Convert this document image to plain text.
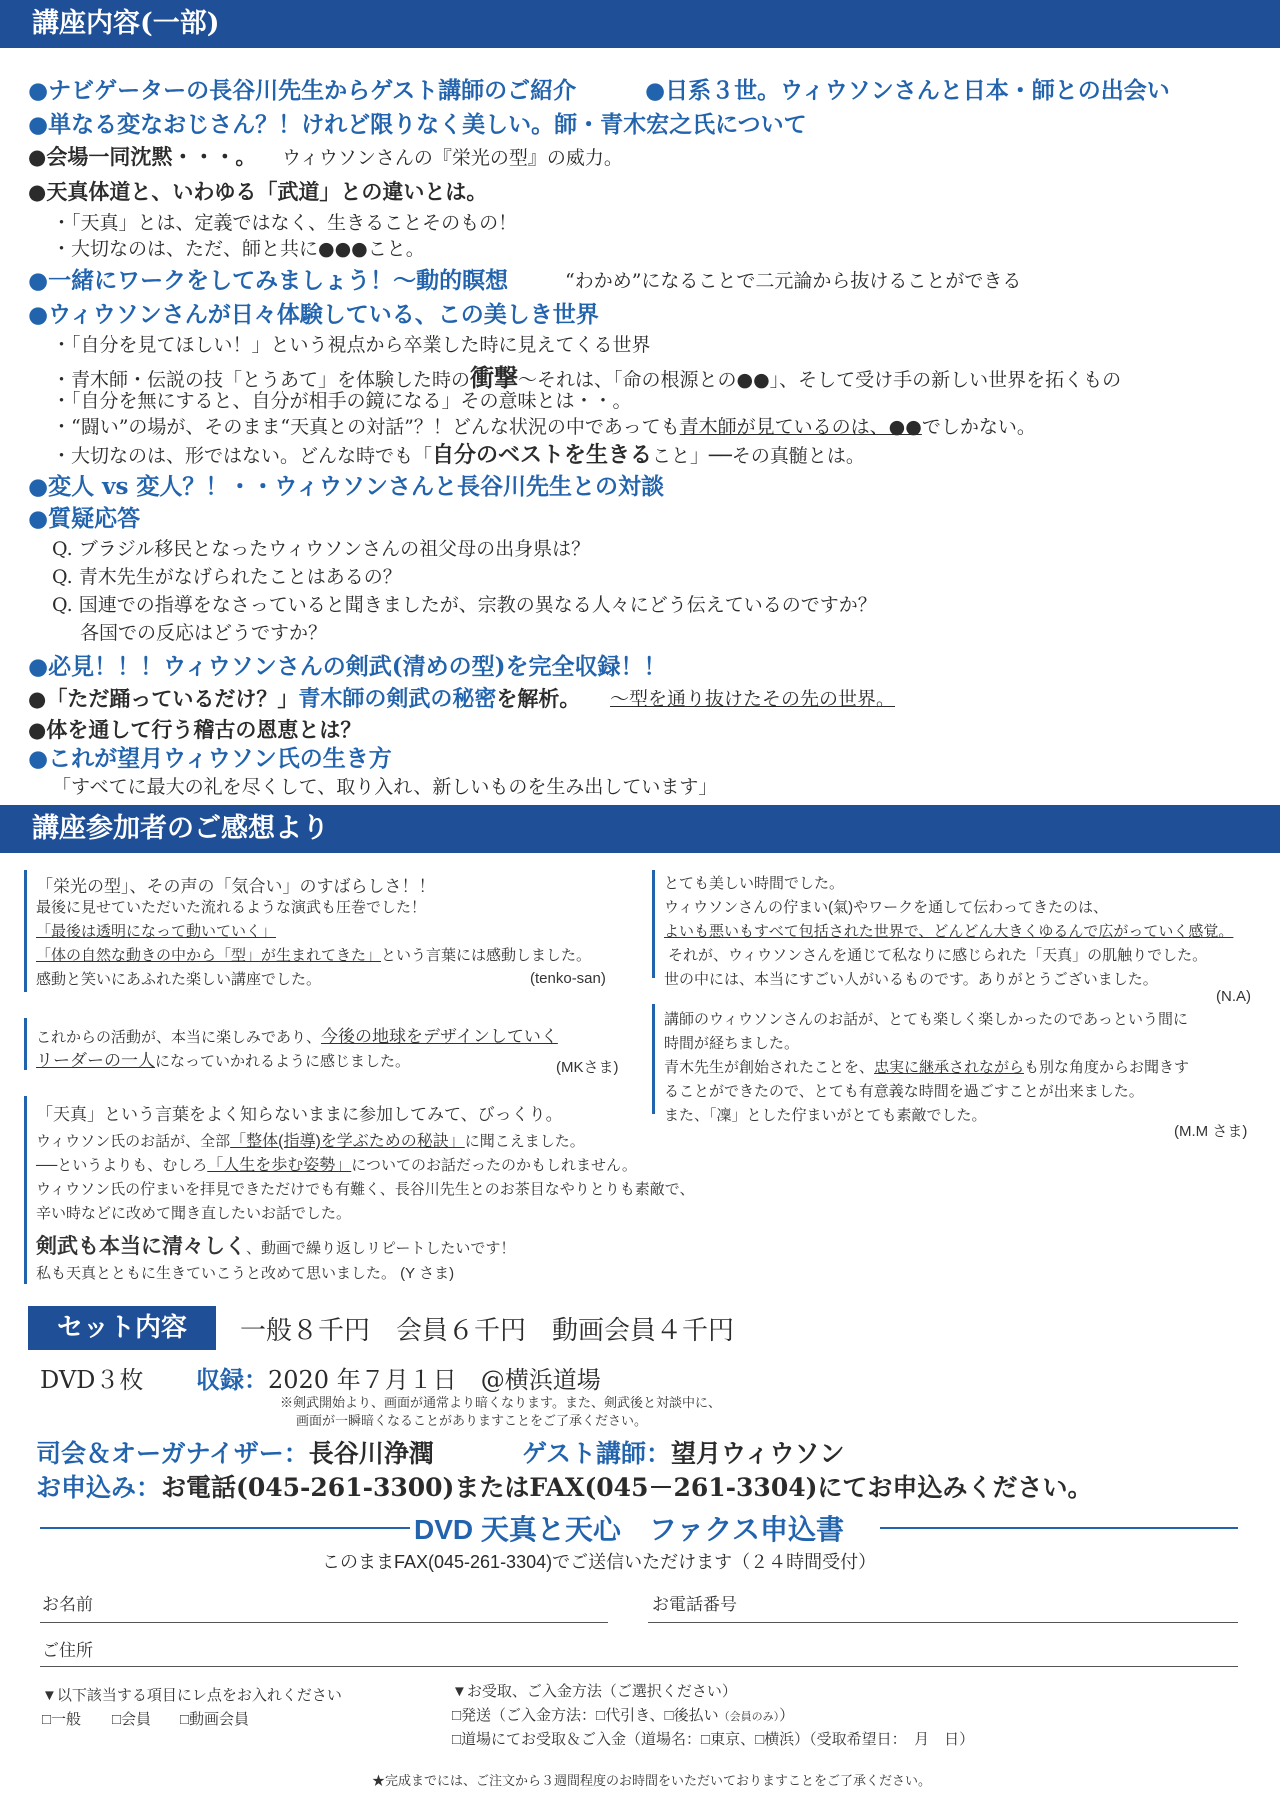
講座内容(一部)
●ナビゲーターの長谷川先生からゲスト講師のご紹介	●日系３世。ウィウソンさんと日本・師との出会い
●単なる変なおじさん？！けれど限りなく美しい。師・青木宏之氏について
●会場一同沈黙・・・。 ウィウソンさんの『栄光の型』の威力。
●天真体道と、いわゆる「武道」との違いとは。
・「天真」とは、定義ではなく、生きることそのもの！
・大切なのは、ただ、師と共に●●●こと。
●一緒にワークをしてみましょう！～動的瞑想	“わかめ”になることで二元論から抜けることができる
●ウィウソンさんが日々体験している、この美しき世界
・「自分を見てほしい！」という視点から卒業した時に見えてくる世界
・青木師・伝説の技「とうあて」を体験した時の衝撃～それは、「命の根源との●●」、そして受け手の新しい世界を拓くもの
・「自分を無にすると、自分が相手の鏡になる」その意味とは・・。
・“闘い”の場が、そのまま“天真との対話”？！どんな状況の中であっても青木師が見ているのは、●●でしかない。
・大切なのは、形ではない。どんな時でも「自分のベストを生きること」──その真髄とは。
●変人 vs 変人？！・・ウィウソンさんと長谷川先生との対談
●質疑応答
Q. ブラジル移民となったウィウソンさんの祖父母の出身県は？
Q. 青木先生がなげられたことはあるの？
Q. 国連での指導をなさっていると聞きましたが、宗教の異なる人々にどう伝えているのですか？
各国での反応はどうですか？
●必見！！！ウィウソンさんの剣武(清めの型)を完全収録！！
●「ただ踊っているだけ？」青木師の剣武の秘密を解析。 ～型を通り抜けたその先の世界。
●体を通して行う稽古の恩恵とは？
●これが望月ウィウソン氏の生き方
「すべてに最大の礼を尽くして、取り入れ、新しいものを生み出しています」
講座参加者のご感想より
「栄光の型」、その声の「気合い」のすばらしさ！！
最後に見せていただいた流れるような演武も圧巻でした！
「最後は透明になって動いていく」
「体の自然な動きの中から「型」が生まれてきた」という言葉には感動しました。
感動と笑いにあふれた楽しい講座でした。	(tenko-san)
とても美しい時間でした。
ウィウソンさんの佇まい(氣)やワークを通して伝わってきたのは、
よいも悪いもすべて包括された世界で、どんどん大きくゆるんで広がっていく感覚。
それが、ウィウソンさんを通じて私なりに感じられた「天真」の肌触りでした。
世の中には、本当にすごい人がいるものです。ありがとうございました。
(N.A)
これからの活動が、本当に楽しみであり、今後の地球をデザインしていく
リーダーの一人になっていかれるように感じました。	(MKさま)
講師のウィウソンさんのお話が、とても楽しく楽しかったのであっという間に
時間が経ちました。
青木先生が創始されたことを、忠実に継承されながらも別な角度からお聞きす
ることができたので、とても有意義な時間を過ごすことが出来ました。
また、「凜」とした佇まいがとても素敵でした。
(M.M さま)
「天真」という言葉をよく知らないままに参加してみて、びっくり。
ウィウソン氏のお話が、全部「整体(指導)を学ぶための秘訣」に聞こえました。
──というよりも、むしろ「人生を歩む姿勢」についてのお話だったのかもしれません。
ウィウソン氏の佇まいを拝見できただけでも有難く、長谷川先生とのお茶目なやりとりも素敵で、
辛い時などに改めて聞き直したいお話でした。
剣武も本当に清々しく、動画で繰り返しリピートしたいです！
私も天真とともに生きていこうと改めて思いました。 (Y さま)
セット内容	一般８千円　会員６千円　動画会員４千円
DVD３枚 収録：2020 年７月１日　@横浜道場
※剣武開始より、画面が通常より暗くなります。また、剣武後と対談中に、
画面が一瞬暗くなることがありますことをご了承ください。
司会＆オーガナイザー：長谷川浄潤	ゲスト講師：望月ウィウソン
お申込み：お電話(045-261-3300)またはFAX(045－261-3304)にてお申込みください。
DVD 天真と天心　ファクス申込書
このままFAX(045-261-3304)でご送信いただけます（２４時間受付）
お名前	お電話番号
ご住所
▼以下該当する項目にレ点をお入れください
□一般 □会員 □動画会員
▼お受取、ご入金方法（ご選択ください）
□発送（ご入金方法：□代引き、□後払い（会員のみ））
□道場にてお受取＆ご入金（道場名：□東京、□横浜）（受取希望日：　月　日）
★完成までには、ご注文から３週間程度のお時間をいただいておりますことをご了承ください。
